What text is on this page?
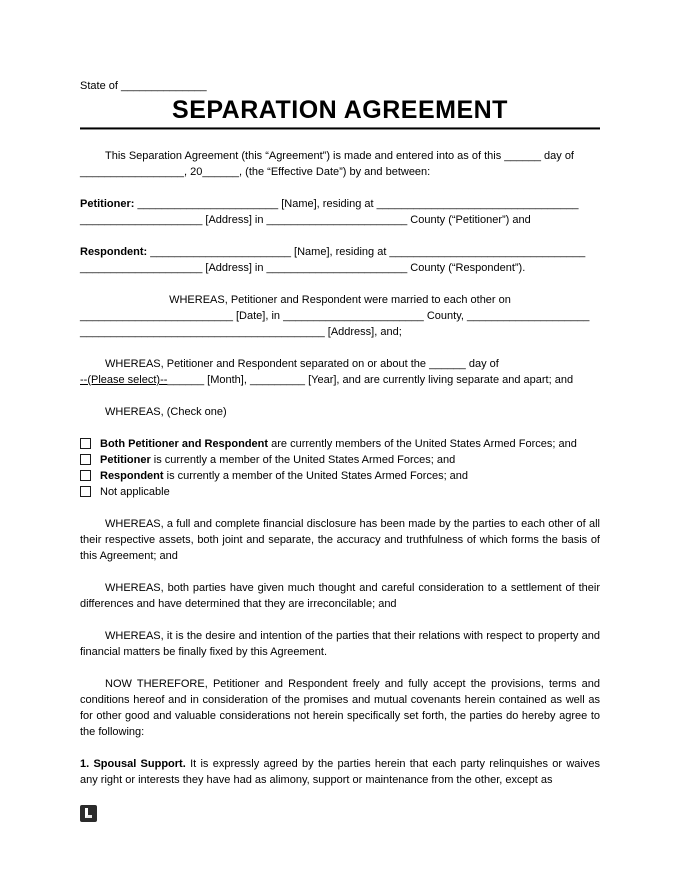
State of ______________
SEPARATION AGREEMENT

This Separation Agreement (this “Agreement”) is made and entered into as of this ______ day of
_________________, 20______, (the “Effective Date”) by and between:

Petitioner: _______________________ [Name], residing at _________________________________
____________________ [Address] in _______________________ County (“Petitioner”) and

Respondent: _______________________ [Name], residing at ________________________________
____________________ [Address] in _______________________ County (“Respondent”).

WHEREAS, Petitioner and Respondent were married to each other on
_________________________ [Date], in _______________________ County, ____________________
________________________________________ [Address], and;

WHEREAS, Petitioner and Respondent separated on or about the ______ day of
--(Please select)--______ [Month], _________ [Year], and are currently living separate and apart; and

WHEREAS, (Check one)

Both Petitioner and Respondent are currently members of the United States Armed Forces; and
Petitioner is currently a member of the United States Armed Forces; and
Respondent is currently a member of the United States Armed Forces; and
Not applicable

WHEREAS, a full and complete financial disclosure has been made by the parties to each other of all their respective assets, both joint and separate, the accuracy and truthfulness of which forms the basis of this Agreement; and

WHEREAS, both parties have given much thought and careful consideration to a settlement of their differences and have determined that they are irreconcilable; and

WHEREAS, it is the desire and intention of the parties that their relations with respect to property and financial matters be finally fixed by this Agreement.

NOW THEREFORE, Petitioner and Respondent freely and fully accept the provisions, terms and conditions hereof and in consideration of the promises and mutual covenants herein contained as well as for other good and valuable considerations not herein specifically set forth, the parties do hereby agree to the following:

1. Spousal Support. It is expressly agreed by the parties herein that each party relinquishes or waives any right or interests they have had as alimony, support or maintenance from the other, except as
